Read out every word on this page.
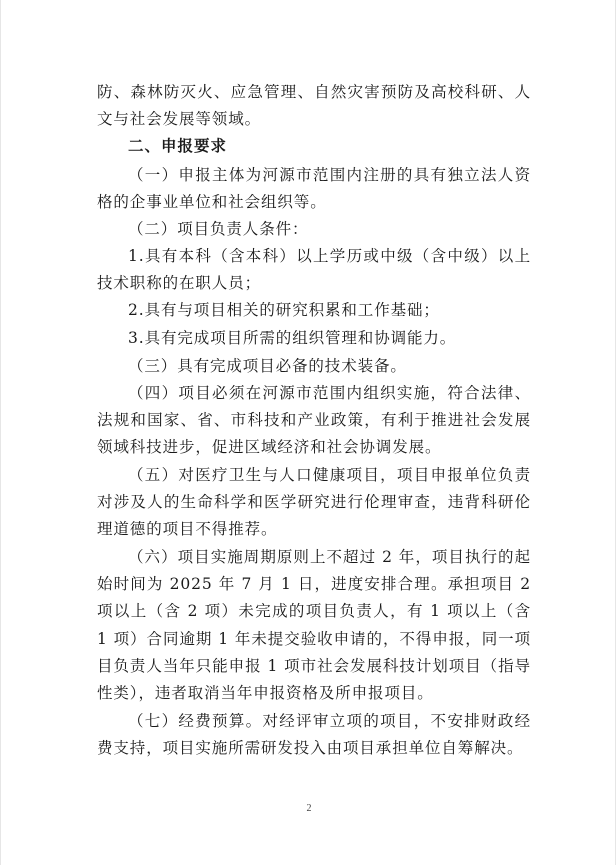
防、森林防灭火、应急管理、自然灾害预防及高校科研、人文与社会发展等领域。

二、申报要求

（一）申报主体为河源市范围内注册的具有独立法人资格的企事业单位和社会组织等。

（二）项目负责人条件：

1.具有本科（含本科）以上学历或中级（含中级）以上技术职称的在职人员；

2.具有与项目相关的研究积累和工作基础；

3.具有完成项目所需的组织管理和协调能力。

（三）具有完成项目必备的技术装备。

（四）项目必须在河源市范围内组织实施，符合法律、法规和国家、省、市科技和产业政策，有利于推进社会发展领域科技进步，促进区域经济和社会协调发展。

（五）对医疗卫生与人口健康项目，项目申报单位负责对涉及人的生命科学和医学研究进行伦理审查，违背科研伦理道德的项目不得推荐。

（六）项目实施周期原则上不超过 2 年，项目执行的起始时间为 2025 年 7 月 1 日，进度安排合理。承担项目 2 项以上（含 2 项）未完成的项目负责人，有 1 项以上（含 1 项）合同逾期 1 年未提交验收申请的，不得申报，同一项目负责人当年只能申报 1 项市社会发展科技计划项目（指导性类），违者取消当年申报资格及所申报项目。

（七）经费预算。对经评审立项的项目，不安排财政经费支持，项目实施所需研发投入由项目承担单位自筹解决。

2
